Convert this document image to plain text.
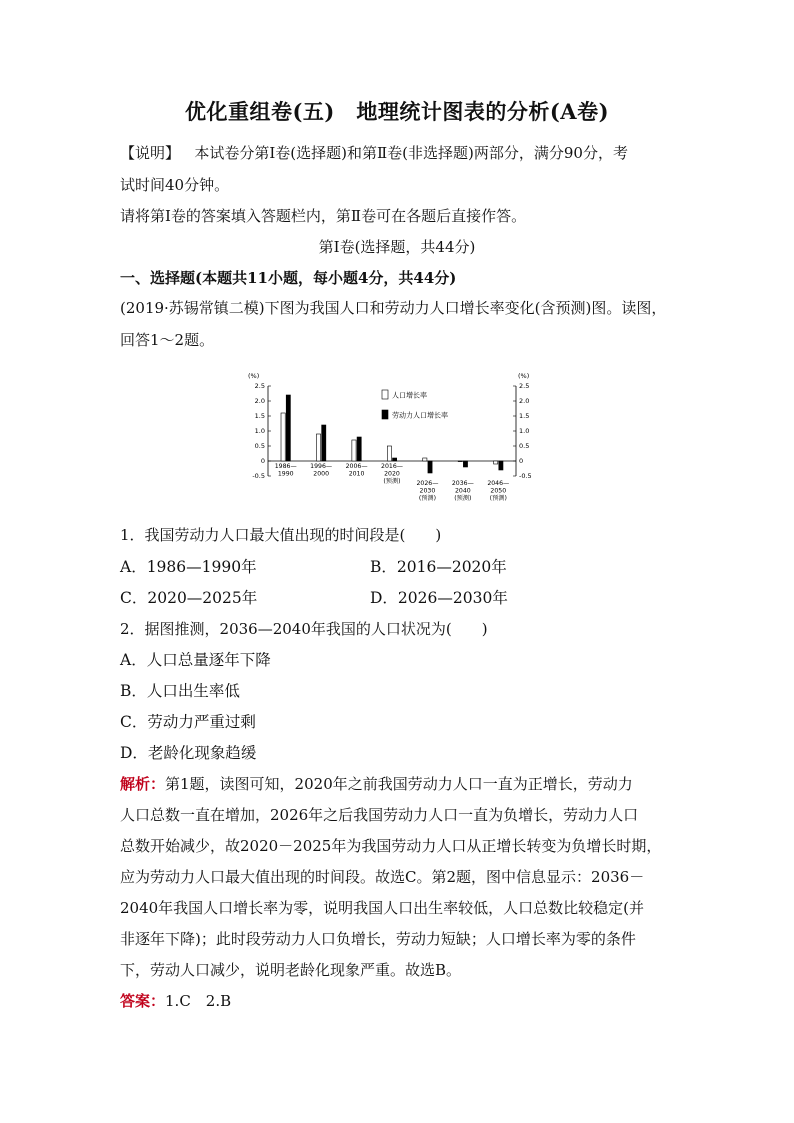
优化重组卷(五)　地理统计图表的分析(A卷)
【说明】 本试卷分第Ⅰ卷(选择题)和第Ⅱ卷(非选择题)两部分，满分90分，考
试时间40分钟。
请将第Ⅰ卷的答案填入答题栏内，第Ⅱ卷可在各题后直接作答。
第Ⅰ卷(选择题，共44分)
一、选择题(本题共11小题，每小题4分，共44分)
(2019·苏锡常镇二模)下图为我国人口和劳动力人口增长率变化(含预测)图。读图，
回答1～2题。
(%)	(%)
2.5	2.5
2.0	2.0
1.5	1.5
1.0	1.0
0.5	0.5
0	0
-0.5	-0.5
1986—
1990
1996—
2000
2006—
2010
2016—
2020
(预测)	2026—
2030
(预测)
2036—
2040
(预测)
2046—
2050
(预测)
人口增长率
劳动力人口增长率
1．我国劳动力人口最大值出现的时间段是(　　)
A．1986—1990年	B．2016—2020年
C．2020—2025年	D．2026—2030年
2．据图推测，2036—2040年我国的人口状况为(　　)
A．人口总量逐年下降
B．人口出生率低
C．劳动力严重过剩
D．老龄化现象趋缓
解析：第1题，读图可知，2020年之前我国劳动力人口一直为正增长，劳动力
人口总数一直在增加，2026年之后我国劳动力人口一直为负增长，劳动力人口
总数开始减少，故2020－2025年为我国劳动力人口从正增长转变为负增长时期，
应为劳动力人口最大值出现的时间段。故选C。第2题，图中信息显示：2036－
2040年我国人口增长率为零，说明我国人口出生率较低，人口总数比较稳定(并
非逐年下降)；此时段劳动力人口负增长，劳动力短缺；人口增长率为零的条件
下，劳动人口减少，说明老龄化现象严重。故选B。
答案：1.C　2.B
